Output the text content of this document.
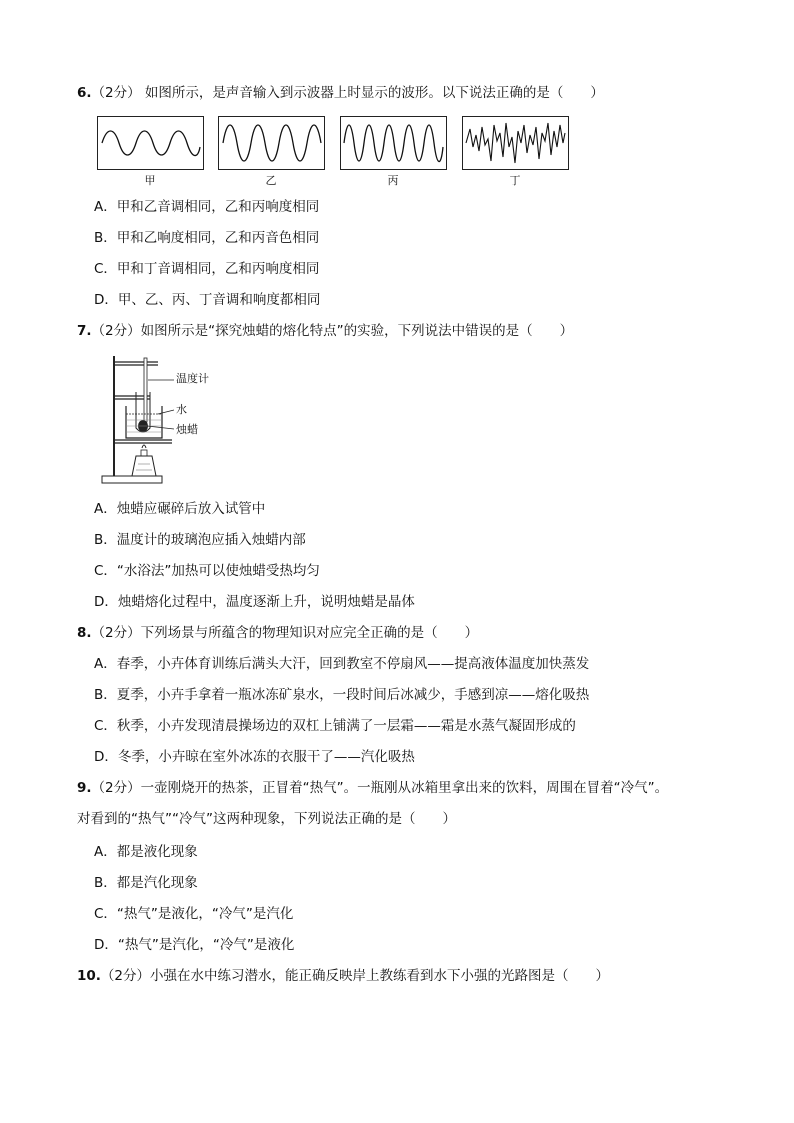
6.（2分） 如图所示，是声音输入到示波器上时显示的波形。以下说法正确的是（　　）
甲	乙	丙	丁
A．甲和乙音调相同，乙和丙响度相同
B．甲和乙响度相同，乙和丙音色相同
C．甲和丁音调相同，乙和丙响度相同
D．甲、乙、丙、丁音调和响度都相同
7.（2分）如图所示是“探究烛蜡的熔化特点”的实验，下列说法中错误的是（　　）
温度计
水
烛蜡
A．烛蜡应碾碎后放入试管中
B．温度计的玻璃泡应插入烛蜡内部
C．“水浴法”加热可以使烛蜡受热均匀
D．烛蜡熔化过程中，温度逐渐上升，说明烛蜡是晶体
8.（2分）下列场景与所蕴含的物理知识对应完全正确的是（　　）
A．春季，小卉体育训练后满头大汗，回到教室不停扇风——提高液体温度加快蒸发
B．夏季，小卉手拿着一瓶冰冻矿泉水，一段时间后冰减少，手感到凉——熔化吸热
C．秋季，小卉发现清晨操场边的双杠上铺满了一层霜——霜是水蒸气凝固形成的
D．冬季，小卉晾在室外冰冻的衣服干了——汽化吸热
9.（2分）一壶刚烧开的热茶，正冒着“热气”。一瓶刚从冰箱里拿出来的饮料，周围在冒着“冷气”。
对看到的“热气”“冷气”这两种现象，下列说法正确的是（　　）
A．都是液化现象
B．都是汽化现象
C．“热气”是液化，“冷气”是汽化
D．“热气”是汽化，“冷气”是液化
10.（2分）小强在水中练习潜水，能正确反映岸上教练看到水下小强的光路图是（　　）
